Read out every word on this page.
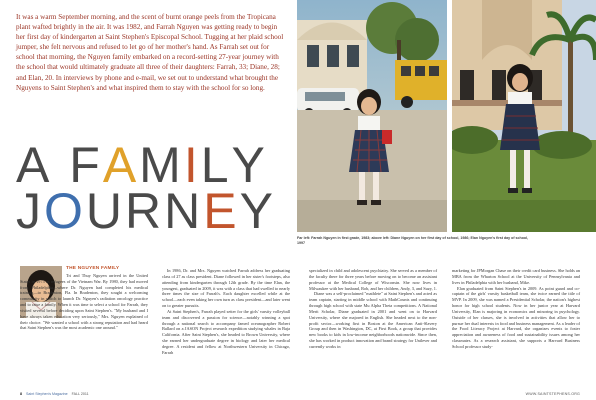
It was a warm September morning, and the scent of burnt orange peels from the Tropicana plant wafted brightly in the air. It was 1982, and Farrah Nguyen was getting ready to begin her first day of kindergarten at Saint Stephen's Episcopal School. Tugging at her plaid school jumper, she felt nervous and refused to let go of her mother's hand. As Farrah set out for school that morning, the Nguyen family embarked on a record-setting 27-year journey with the school that would ultimately graduate all three of their daughters: Farrah, 33; Diane, 28; and Elan, 20. In interviews by phone and e-mail, we set out to understand what brought the Nguyens to Saint Stephen's and what inspired them to stay with the school for so long.
A FAMILY
JOURNEY	Far left: Farrah Nguyen in first grade, 1983; above left: Diane Nguyen on her first day of school, 1986; Elan Nguyen's first day of school, 1997
THE NGUYEN FAMILY

Tri and Thuy Nguyen arrived in the United States in 1975 as refugees of the Vietnam War. By 1980, they had moved from Philadelphia—where Dr. Nguyen had completed his medical training—to Bradenton, Fla. In Bradenton, they sought a welcoming community in which to launch Dr. Nguyen's radiation oncology practice and to raise a family. When it was time to select a school for Farrah, they visited several before deciding upon Saint Stephen's. "My husband and I have always taken education very seriously," Mrs. Nguyen explained of their choice. "We wanted a school with a strong reputation and had heard that Saint Stephen's was the most academic one around."

In 1986, Dr. and Mrs. Nguyen watched Farrah address her graduating class of 27 as class president. Diane followed in her sister's footsteps, also attending from kindergarten through 12th grade. By the time Elan, the youngest, graduated in 2009, it was with a class that had swelled to nearly three times the size of Farrah's. Each daughter excelled while at the school—each even taking her own turn as class president—and later went on to greater pursuits.

At Saint Stephen's, Farrah played setter for the girls' varsity volleyball team and discovered a passion for science—notably winning a spot through a national search to accompany famed oceanographer Robert Ballard on a JASON Project research expedition studying whales in Baja California. After Saint Stephen's, she headed to Brown University, where she earned her undergraduate degree in biology and later her medical degree. A resident and fellow at Northwestern University in Chicago, Farrah

specialized in child and adolescent psychiatry. She served as a member of the faculty there for three years before moving on to become an assistant professor at the Medical College of Wisconsin. She now lives in Milwaukee with her husband, Rob, and her children, Andy, 3, and Suzy, 1.

Diane was a self-proclaimed "mathlete" at Saint Stephen's and acted as team captain, starting in middle school with MathCounts and continuing through high school with state Mu Alpha Theta competitions. A National Merit Scholar, Diane graduated in 2001 and went on to Harvard University, where she majored in English. She headed next to the non-profit sector—working first in Boston at the American Anti-Slavery Group and then in Washington, DC, at First Book, a group that provides new books to kids in low-income neighborhoods nationwide. Since then, she has worked in product innovation and brand strategy for Unilever and currently works in

marketing for JPMorgan Chase on their credit card business. She holds an MBA from the Wharton School at the University of Pennsylvania and lives in Philadelphia with her husband, Mike.

Elan graduated from Saint Stephen's in 2009. As point guard and co-captain of the girls' varsity basketball team, she twice earned the title of MVP. In 2009, she was named a Presidential Scholar, the nation's highest honor for high school students. Now in her junior year at Harvard University, Elan is majoring in economics and minoring in psychology. Outside of her classes, she is involved in activities that allow her to pursue her dual interests in food and business management. As a leader of the Food Literacy Project at Harvard, she organizes events to foster appreciation and awareness of food and sustainability issues among her classmates. As a research assistant, she supports a Harvard Business School professor study-

8 Saint Stephen's Magazine FALL 2011	WWW.SAINTSTEPHENS.ORG
